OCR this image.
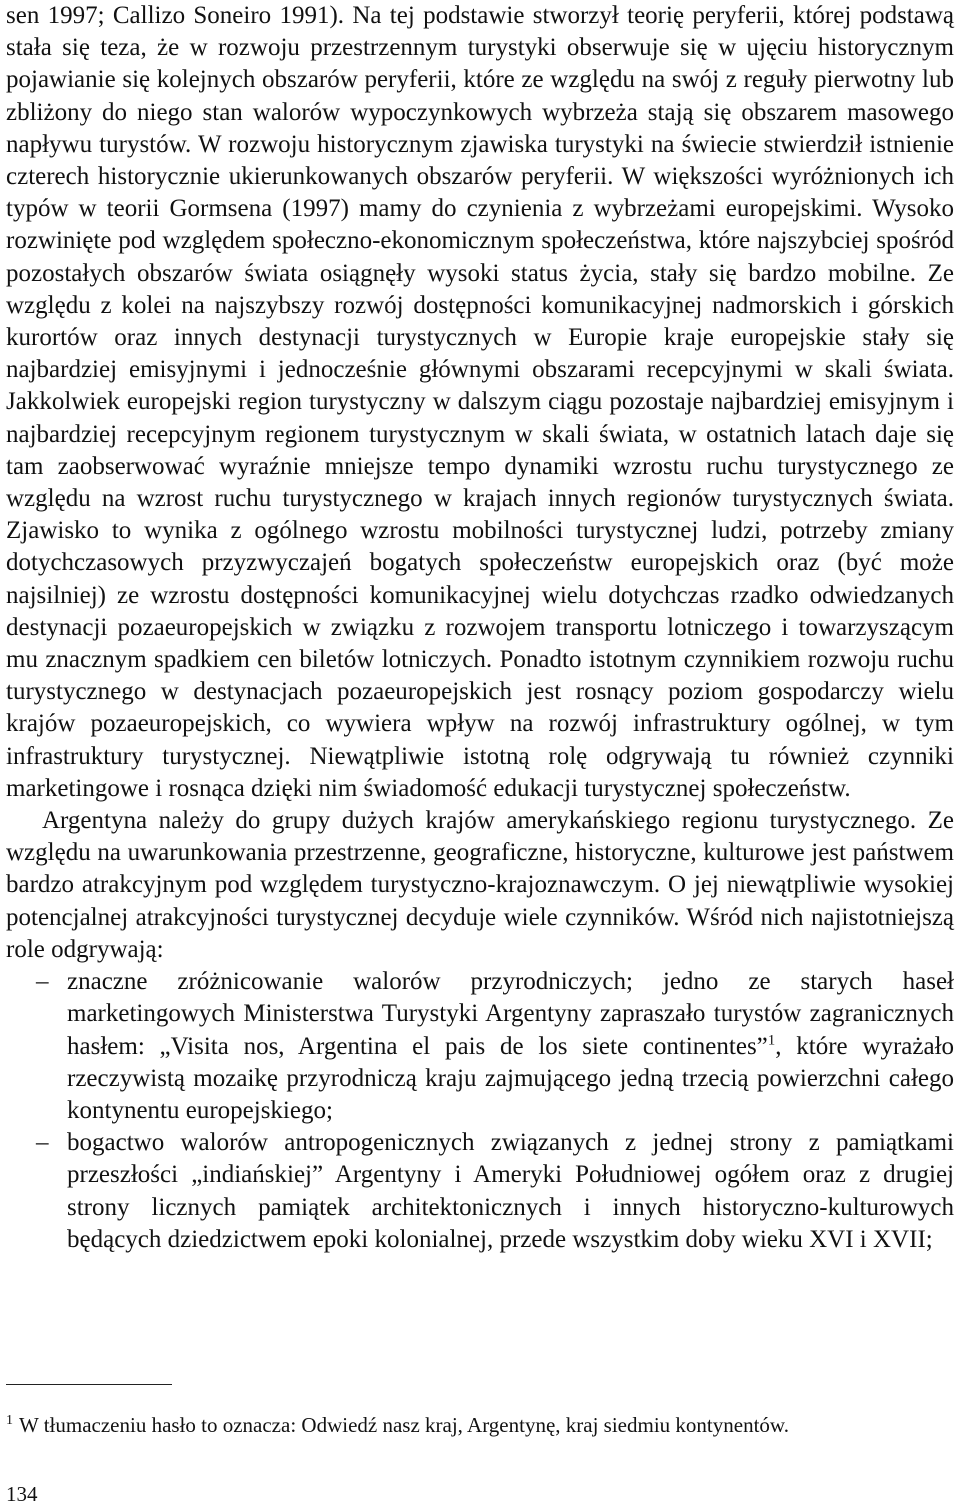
sen 1997; Callizo Soneiro 1991). Na tej podstawie stworzył teorię peryferii, której podstawą stała się teza, że w rozwoju przestrzennym turystyki obserwuje się w ujęciu historycznym pojawianie się kolejnych obszarów peryferii, które ze względu na swój z reguły pierwotny lub zbliżony do niego stan walorów wypoczynkowych wybrzeża stają się obszarem masowego napływu turystów. W rozwoju historycznym zjawiska turystyki na świecie stwierdził istnienie czterech historycznie ukierunkowanych obszarów peryferii. W większości wyróżnionych ich typów w teorii Gormsena (1997) mamy do czynienia z wybrzeżami europejskimi. Wysoko rozwinięte pod względem społeczno-ekonomicznym społeczeństwa, które najszybciej spośród pozostałych obszarów świata osiągnęły wysoki status życia, stały się bardzo mobilne. Ze względu z kolei na najszybszy rozwój dostępności komunikacyjnej nadmorskich i górskich kurortów oraz innych destynacji turystycznych w Europie kraje europejskie stały się najbardziej emisyjnymi i jednocześnie głównymi obszarami recepcyjnymi w skali świata. Jakkolwiek europejski region turystyczny w dalszym ciągu pozostaje najbardziej emisyjnym i najbardziej recepcyjnym regionem turystycznym w skali świata, w ostatnich latach daje się tam zaobserwować wyraźnie mniejsze tempo dynamiki wzrostu ruchu turystycznego ze względu na wzrost ruchu turystycznego w krajach innych regionów turystycznych świata. Zjawisko to wynika z ogólnego wzrostu mobilności turystycznej ludzi, potrzeby zmiany dotychczasowych przyzwyczajeń bogatych społeczeństw europejskich oraz (być może najsilniej) ze wzrostu dostępności komunikacyjnej wielu dotychczas rzadko odwiedzanych destynacji pozaeuropejskich w związku z rozwojem transportu lotniczego i towarzyszącym mu znacznym spadkiem cen biletów lotniczych. Ponadto istotnym czynnikiem rozwoju ruchu turystycznego w destynacjach pozaeuropejskich jest rosnący poziom gospodarczy wielu krajów pozaeuropejskich, co wywiera wpływ na rozwój infrastruktury ogólnej, w tym infrastruktury turystycznej. Niewątpliwie istotną rolę odgrywają tu również czynniki marketingowe i rosnąca dzięki nim świadomość edukacji turystycznej społeczeństw.

Argentyna należy do grupy dużych krajów amerykańskiego regionu turystycznego. Ze względu na uwarunkowania przestrzenne, geograficzne, historyczne, kulturowe jest państwem bardzo atrakcyjnym pod względem turystyczno-krajoznawczym. O jej niewątpliwie wysokiej potencjalnej atrakcyjności turystycznej decyduje wiele czynników. Wśród nich najistotniejszą role odgrywają:

– znaczne zróżnicowanie walorów przyrodniczych; jedno ze starych haseł marketingowych Ministerstwa Turystyki Argentyny zapraszało turystów zagranicznych hasłem: „Visita nos, Argentina el pais de los siete continentes”$^1$, które wyrażało rzeczywistą mozaikę przyrodniczą kraju zajmującego jedną trzecią powierzchni całego kontynentu europejskiego;
– bogactwo walorów antropogenicznych związanych z jednej strony z pamiątkami przeszłości „indiańskiej” Argentyny i Ameryki Południowej ogółem oraz z drugiej strony licznych pamiątek architektonicznych i innych historyczno-kulturowych będących dziedzictwem epoki kolonialnej, przede wszystkim doby wieku XVI i XVII;
$^1$ W tłumaczeniu hasło to oznacza: Odwiedź nasz kraj, Argentynę, kraj siedmiu kontynentów.
134
